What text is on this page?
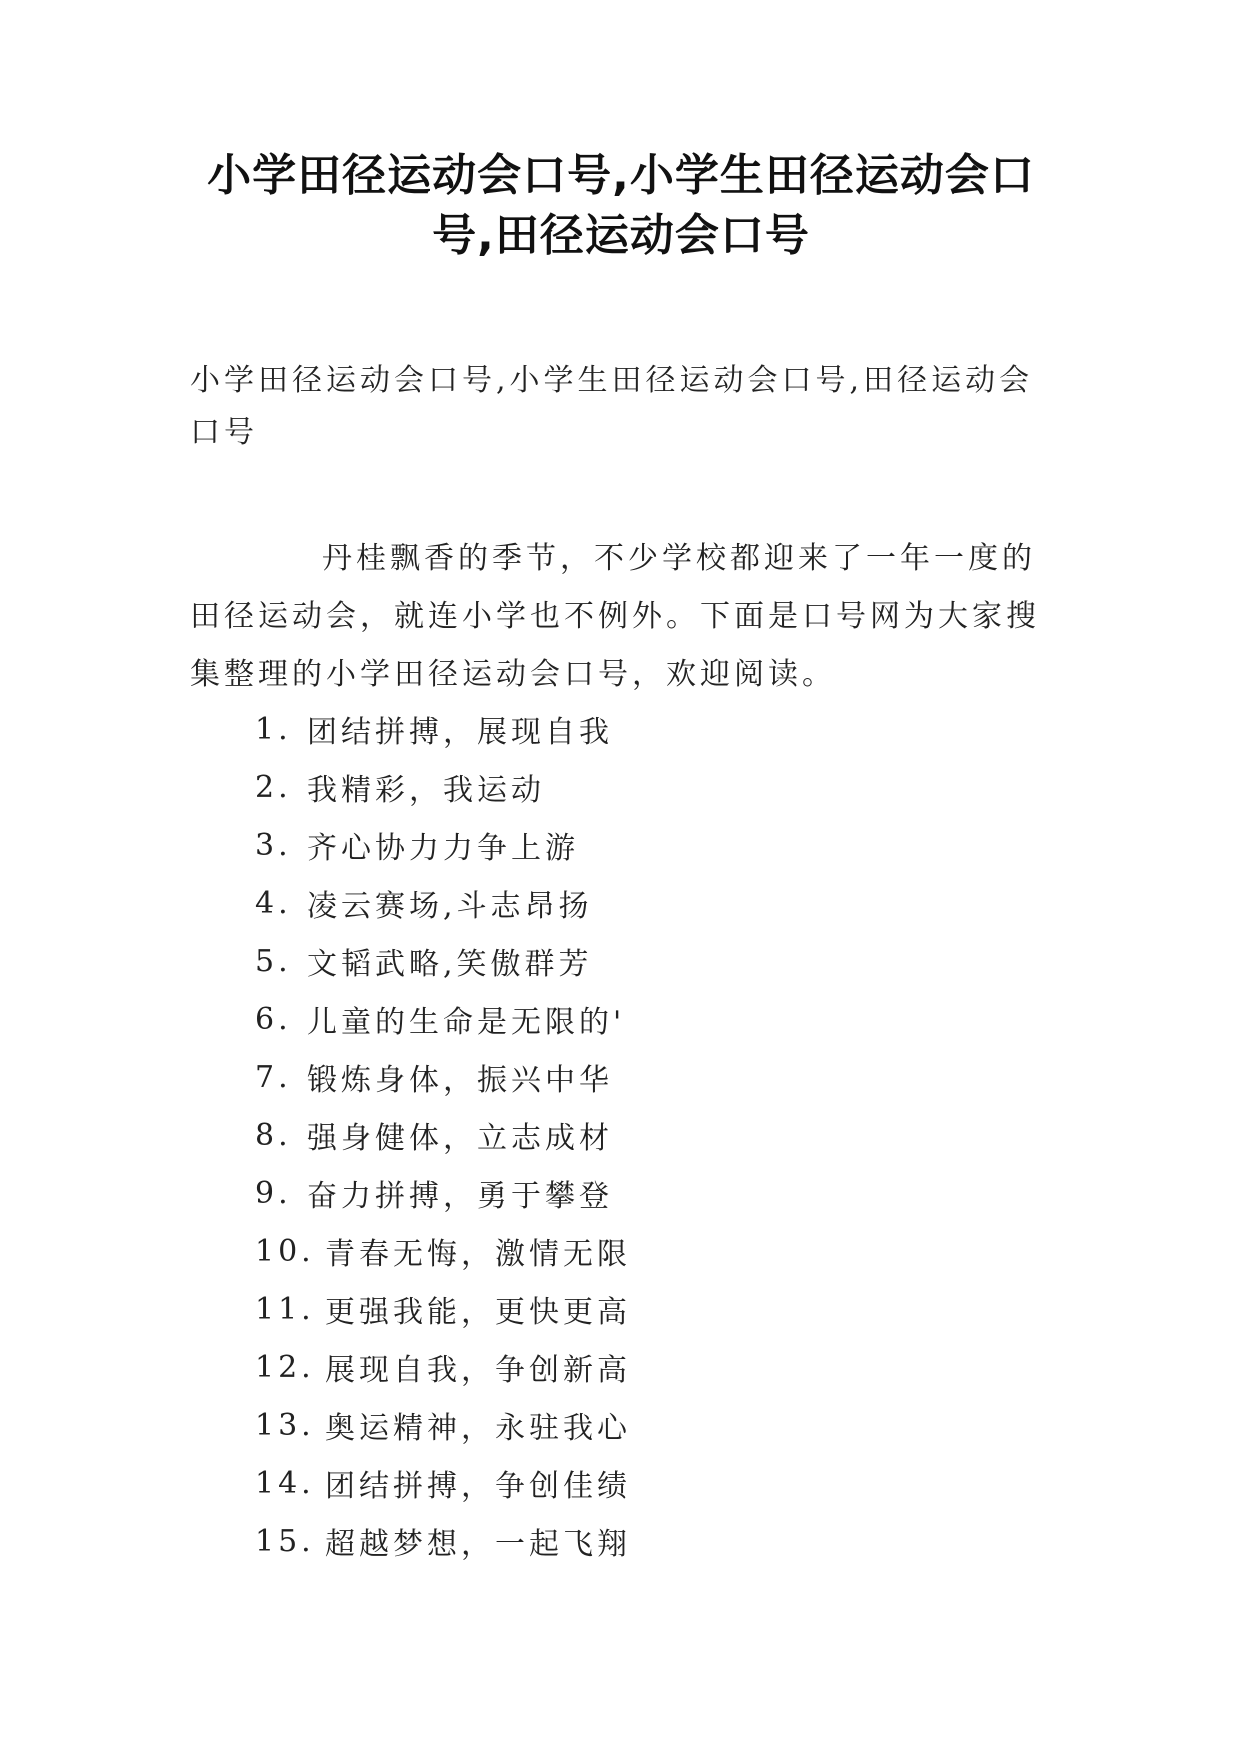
小学田径运动会口号,小学生田径运动会口号,田径运动会口号

小学田径运动会口号,小学生田径运动会口号,田径运动会口号

丹桂飘香的季节，不少学校都迎来了一年一度的田径运动会，就连小学也不例外。下面是口号网为大家搜集整理的小学田径运动会口号，欢迎阅读。

1. 团结拼搏，展现自我
2. 我精彩，我运动
3. 齐心协力力争上游
4. 凌云赛场,斗志昂扬
5. 文韬武略,笑傲群芳
6. 儿童的生命是无限的'
7. 锻炼身体，振兴中华
8. 强身健体，立志成材
9. 奋力拼搏，勇于攀登
10. 青春无悔，激情无限
11. 更强我能，更快更高
12. 展现自我，争创新高
13. 奥运精神，永驻我心
14. 团结拼搏，争创佳绩
15. 超越梦想，一起飞翔
